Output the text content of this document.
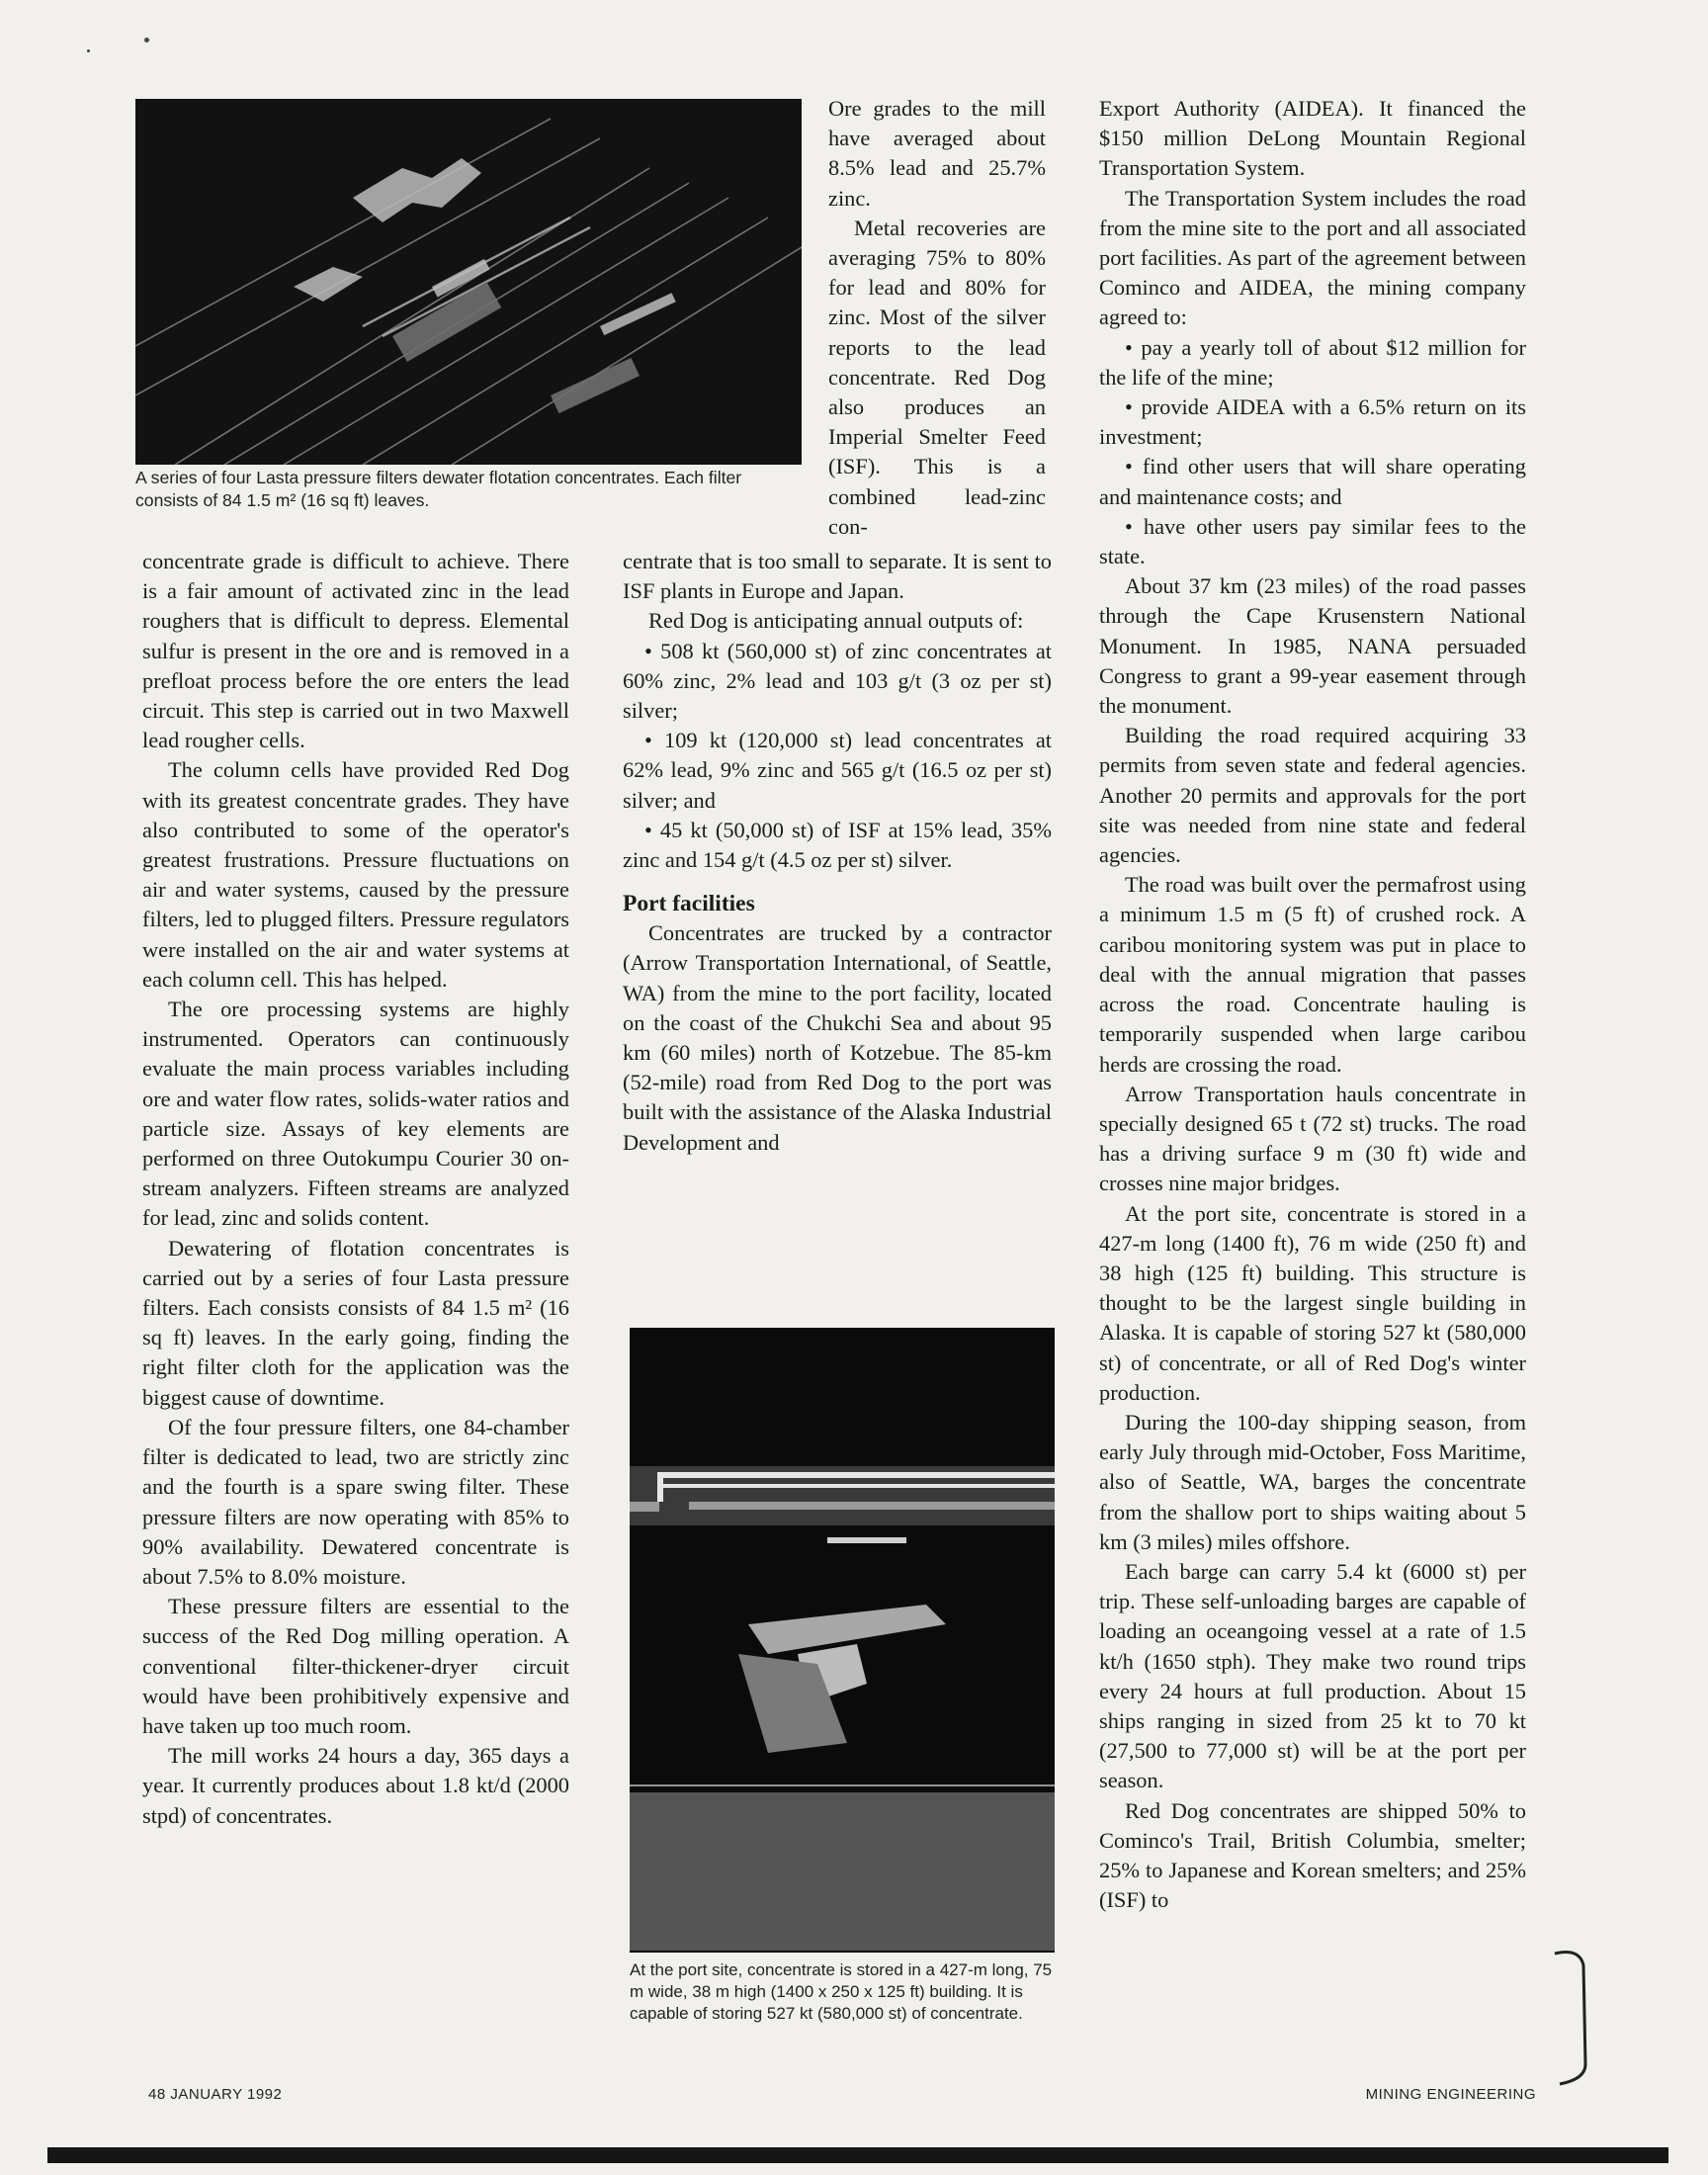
A series of four Lasta pressure filters dewater flotation concentrates. Each filter consists of 84 1.5 m² (16 sq ft) leaves.

Ore grades to the mill have averaged about 8.5% lead and 25.7% zinc.

Metal recoveries are averaging 75% to 80% for lead and 80% for zinc. Most of the silver reports to the lead concentrate. Red Dog also produces an Imperial Smelter Feed (ISF). This is a combined lead-zinc con-

concentrate grade is difficult to achieve. There is a fair amount of activated zinc in the lead roughers that is difficult to depress. Elemental sulfur is present in the ore and is removed in a prefloat process before the ore enters the lead circuit. This step is carried out in two Maxwell lead rougher cells.

The column cells have provided Red Dog with its greatest concentrate grades. They have also contributed to some of the operator's greatest frustrations. Pressure fluctuations on air and water systems, caused by the pressure filters, led to plugged filters. Pressure regulators were installed on the air and water systems at each column cell. This has helped.

The ore processing systems are highly instrumented. Operators can continuously evaluate the main process variables including ore and water flow rates, solids-water ratios and particle size. Assays of key elements are performed on three Outokumpu Courier 30 on-stream analyzers. Fifteen streams are analyzed for lead, zinc and solids content.

Dewatering of flotation concentrates is carried out by a series of four Lasta pressure filters. Each consists consists of 84 1.5 m² (16 sq ft) leaves. In the early going, finding the right filter cloth for the application was the biggest cause of downtime.

Of the four pressure filters, one 84-chamber filter is dedicated to lead, two are strictly zinc and the fourth is a spare swing filter. These pressure filters are now operating with 85% to 90% availability. Dewatered concentrate is about 7.5% to 8.0% moisture.

These pressure filters are essential to the success of the Red Dog milling operation. A conventional filter-thickener-dryer circuit would have been prohibitively expensive and have taken up too much room.

The mill works 24 hours a day, 365 days a year. It currently produces about 1.8 kt/d (2000 stpd) of concentrates.

centrate that is too small to separate. It is sent to ISF plants in Europe and Japan.

Red Dog is anticipating annual outputs of:

• 508 kt (560,000 st) of zinc concentrates at 60% zinc, 2% lead and 103 g/t (3 oz per st) silver;

• 109 kt (120,000 st) lead concentrates at 62% lead, 9% zinc and 565 g/t (16.5 oz per st) silver; and

• 45 kt (50,000 st) of ISF at 15% lead, 35% zinc and 154 g/t (4.5 oz per st) silver.

Port facilities

Concentrates are trucked by a contractor (Arrow Transportation International, of Seattle, WA) from the mine to the port facility, located on the coast of the Chukchi Sea and about 95 km (60 miles) north of Kotzebue. The 85-km (52-mile) road from Red Dog to the port was built with the assistance of the Alaska Industrial Development and

At the port site, concentrate is stored in a 427-m long, 75 m wide, 38 m high (1400 x 250 x 125 ft) building. It is capable of storing 527 kt (580,000 st) of concentrate.

Export Authority (AIDEA). It financed the $150 million DeLong Mountain Regional Transportation System.

The Transportation System includes the road from the mine site to the port and all associated port facilities. As part of the agreement between Cominco and AIDEA, the mining company agreed to:

• pay a yearly toll of about $12 million for the life of the mine;

• provide AIDEA with a 6.5% return on its investment;

• find other users that will share operating and maintenance costs; and

• have other users pay similar fees to the state.

About 37 km (23 miles) of the road passes through the Cape Krusenstern National Monument. In 1985, NANA persuaded Congress to grant a 99-year easement through the monument.

Building the road required acquiring 33 permits from seven state and federal agencies. Another 20 permits and approvals for the port site was needed from nine state and federal agencies.

The road was built over the permafrost using a minimum 1.5 m (5 ft) of crushed rock. A caribou monitoring system was put in place to deal with the annual migration that passes across the road. Concentrate hauling is temporarily suspended when large caribou herds are crossing the road.

Arrow Transportation hauls concentrate in specially designed 65 t (72 st) trucks. The road has a driving surface 9 m (30 ft) wide and crosses nine major bridges.

At the port site, concentrate is stored in a 427-m long (1400 ft), 76 m wide (250 ft) and 38 high (125 ft) building. This structure is thought to be the largest single building in Alaska. It is capable of storing 527 kt (580,000 st) of concentrate, or all of Red Dog's winter production.

During the 100-day shipping season, from early July through mid-October, Foss Maritime, also of Seattle, WA, barges the concentrate from the shallow port to ships waiting about 5 km (3 miles) miles offshore.

Each barge can carry 5.4 kt (6000 st) per trip. These self-unloading barges are capable of loading an oceangoing vessel at a rate of 1.5 kt/h (1650 stph). They make two round trips every 24 hours at full production. About 15 ships ranging in sized from 25 kt to 70 kt (27,500 to 77,000 st) will be at the port per season.

Red Dog concentrates are shipped 50% to Cominco's Trail, British Columbia, smelter; 25% to Japanese and Korean smelters; and 25% (ISF) to

48 JANUARY 1992	MINING ENGINEERING
